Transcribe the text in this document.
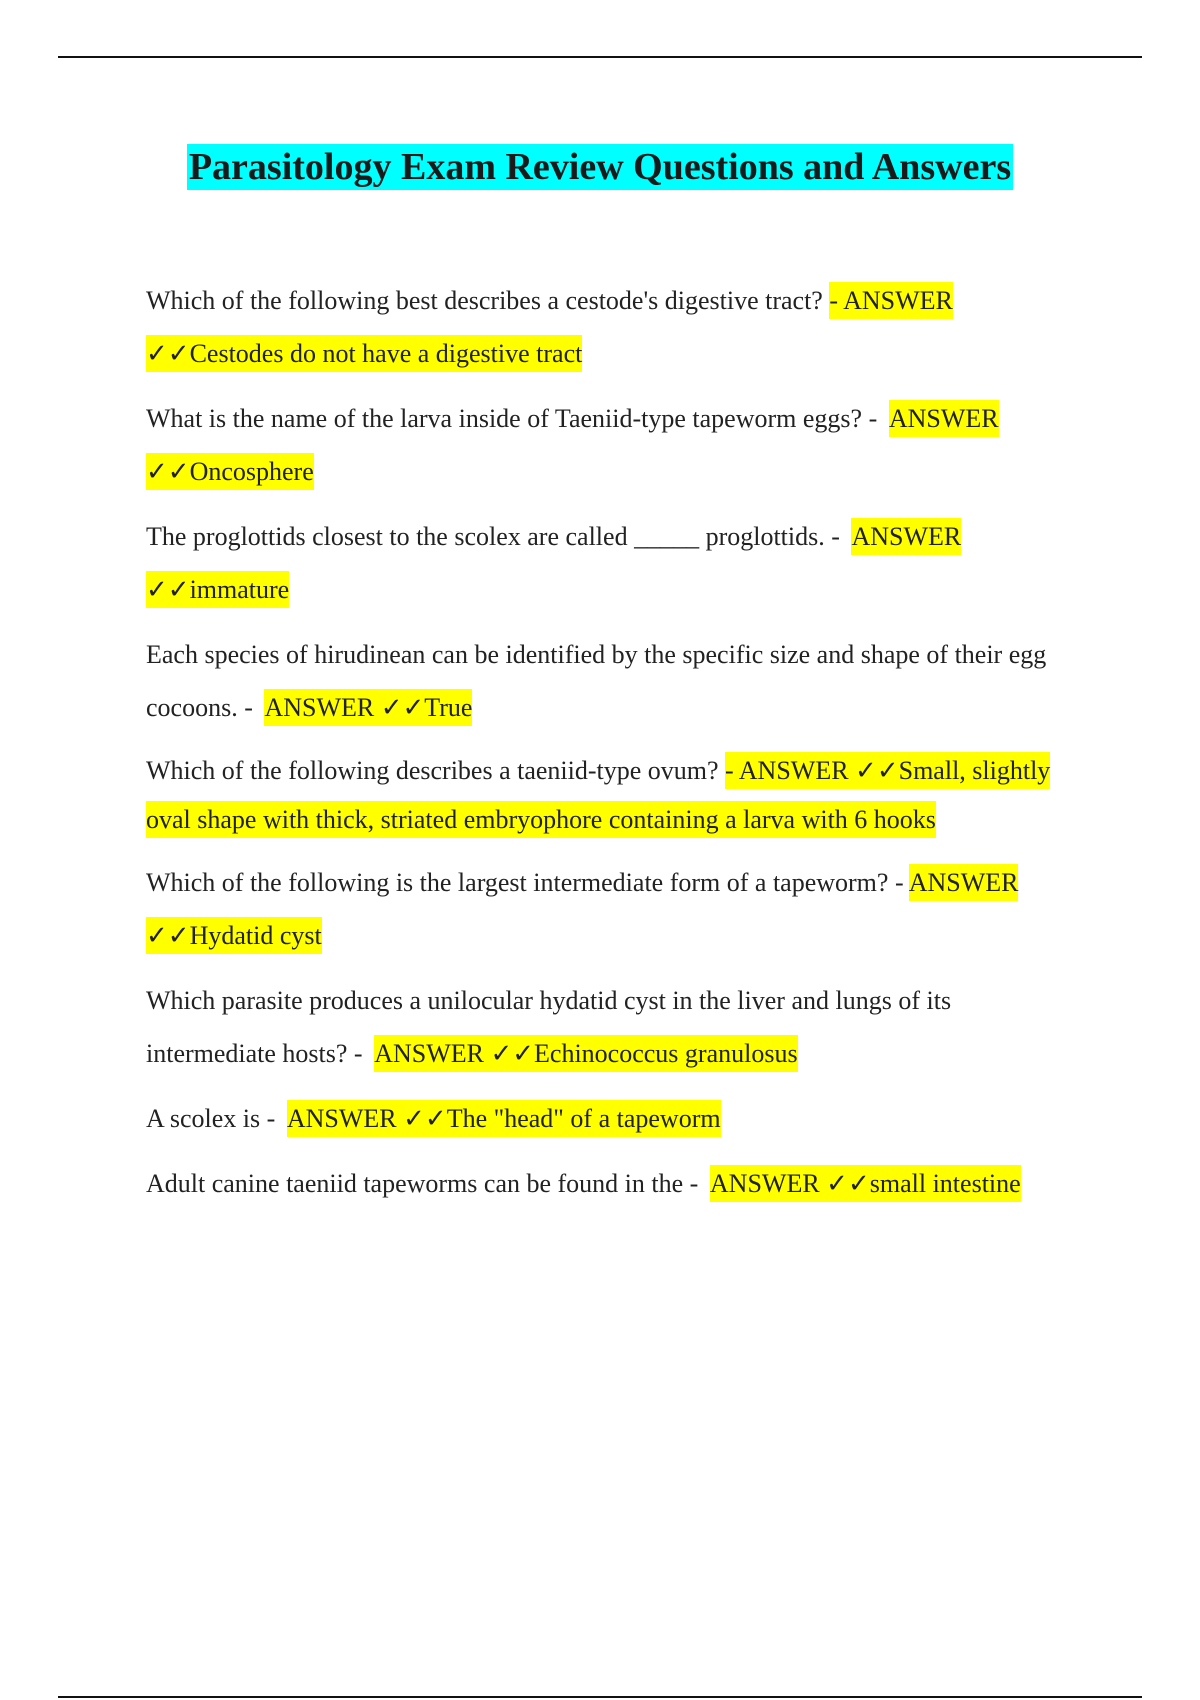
Parasitology Exam Review Questions and Answers

Which of the following best describes a cestode's digestive tract? - ANSWER ✓✓Cestodes do not have a digestive tract

What is the name of the larva inside of Taeniid-type tapeworm eggs? - ANSWER ✓✓Oncosphere

The proglottids closest to the scolex are called _____ proglottids. - ANSWER ✓✓immature

Each species of hirudinean can be identified by the specific size and shape of their egg cocoons. - ANSWER ✓✓True

Which of the following describes a taeniid-type ovum? - ANSWER ✓✓Small, slightly oval shape with thick, striated embryophore containing a larva with 6 hooks

Which of the following is the largest intermediate form of a tapeworm? - ANSWER ✓✓Hydatid cyst

Which parasite produces a unilocular hydatid cyst in the liver and lungs of its intermediate hosts? - ANSWER ✓✓Echinococcus granulosus

A scolex is - ANSWER ✓✓The "head" of a tapeworm

Adult canine taeniid tapeworms can be found in the - ANSWER ✓✓small intestine
